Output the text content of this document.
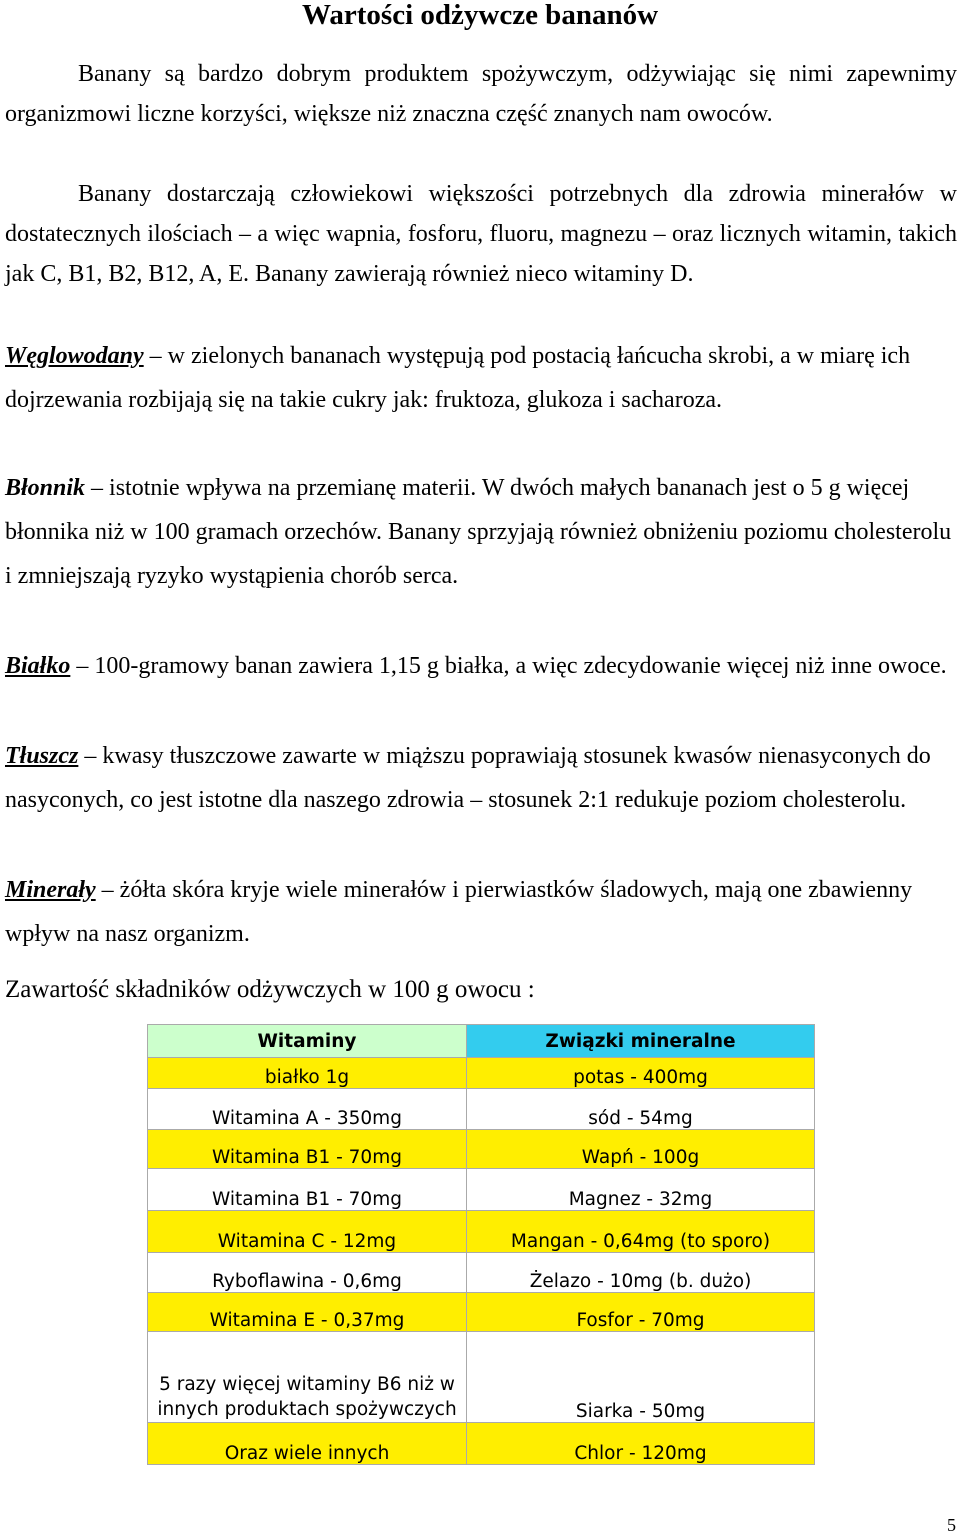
Wartości odżywcze bananów
Banany są bardzo dobrym produktem spożywczym, odżywiając się nimi zapewnimy organizmowi liczne korzyści, większe niż znaczna część znanych nam owoców.
Banany dostarczają człowiekowi większości potrzebnych dla zdrowia minerałów w dostatecznych ilościach – a więc wapnia, fosforu, fluoru, magnezu – oraz licznych witamin, takich jak C, B1, B2, B12, A, E. Banany zawierają również nieco witaminy D.
Węglowodany – w zielonych bananach występują pod postacią łańcucha skrobi, a w miarę ich dojrzewania rozbijają się na takie cukry jak: fruktoza, glukoza i sacharoza.
Błonnik – istotnie wpływa na przemianę materii. W dwóch małych bananach jest o 5 g więcej błonnika niż w 100 gramach orzechów. Banany sprzyjają również obniżeniu poziomu cholesterolu i zmniejszają ryzyko wystąpienia chorób serca.
Białko – 100-gramowy banan zawiera 1,15 g białka, a więc zdecydowanie więcej niż inne owoce.
Tłuszcz – kwasy tłuszczowe zawarte w miąższu poprawiają stosunek kwasów nienasyconych do nasyconych, co jest istotne dla naszego zdrowia – stosunek 2:1 redukuje poziom cholesterolu.
Minerały – żółta skóra kryje wiele minerałów i pierwiastków śladowych, mają one zbawienny wpływ na nasz organizm.
Zawartość składników odżywczych w 100 g owocu :
Witaminy	Związki mineralne
białko 1g	potas - 400mg
Witamina A - 350mg	sód - 54mg
Witamina B1 - 70mg	Wapń - 100g
Witamina B1 - 70mg	Magnez - 32mg
Witamina C - 12mg	Mangan - 0,64mg (to sporo)
Ryboflawina - 0,6mg	Żelazo - 10mg (b. dużo)
Witamina E - 0,37mg	Fosfor - 70mg
5 razy więcej witaminy B6 niż w innych produktach spożywczych	Siarka - 50mg
Oraz wiele innych	Chlor - 120mg
5
